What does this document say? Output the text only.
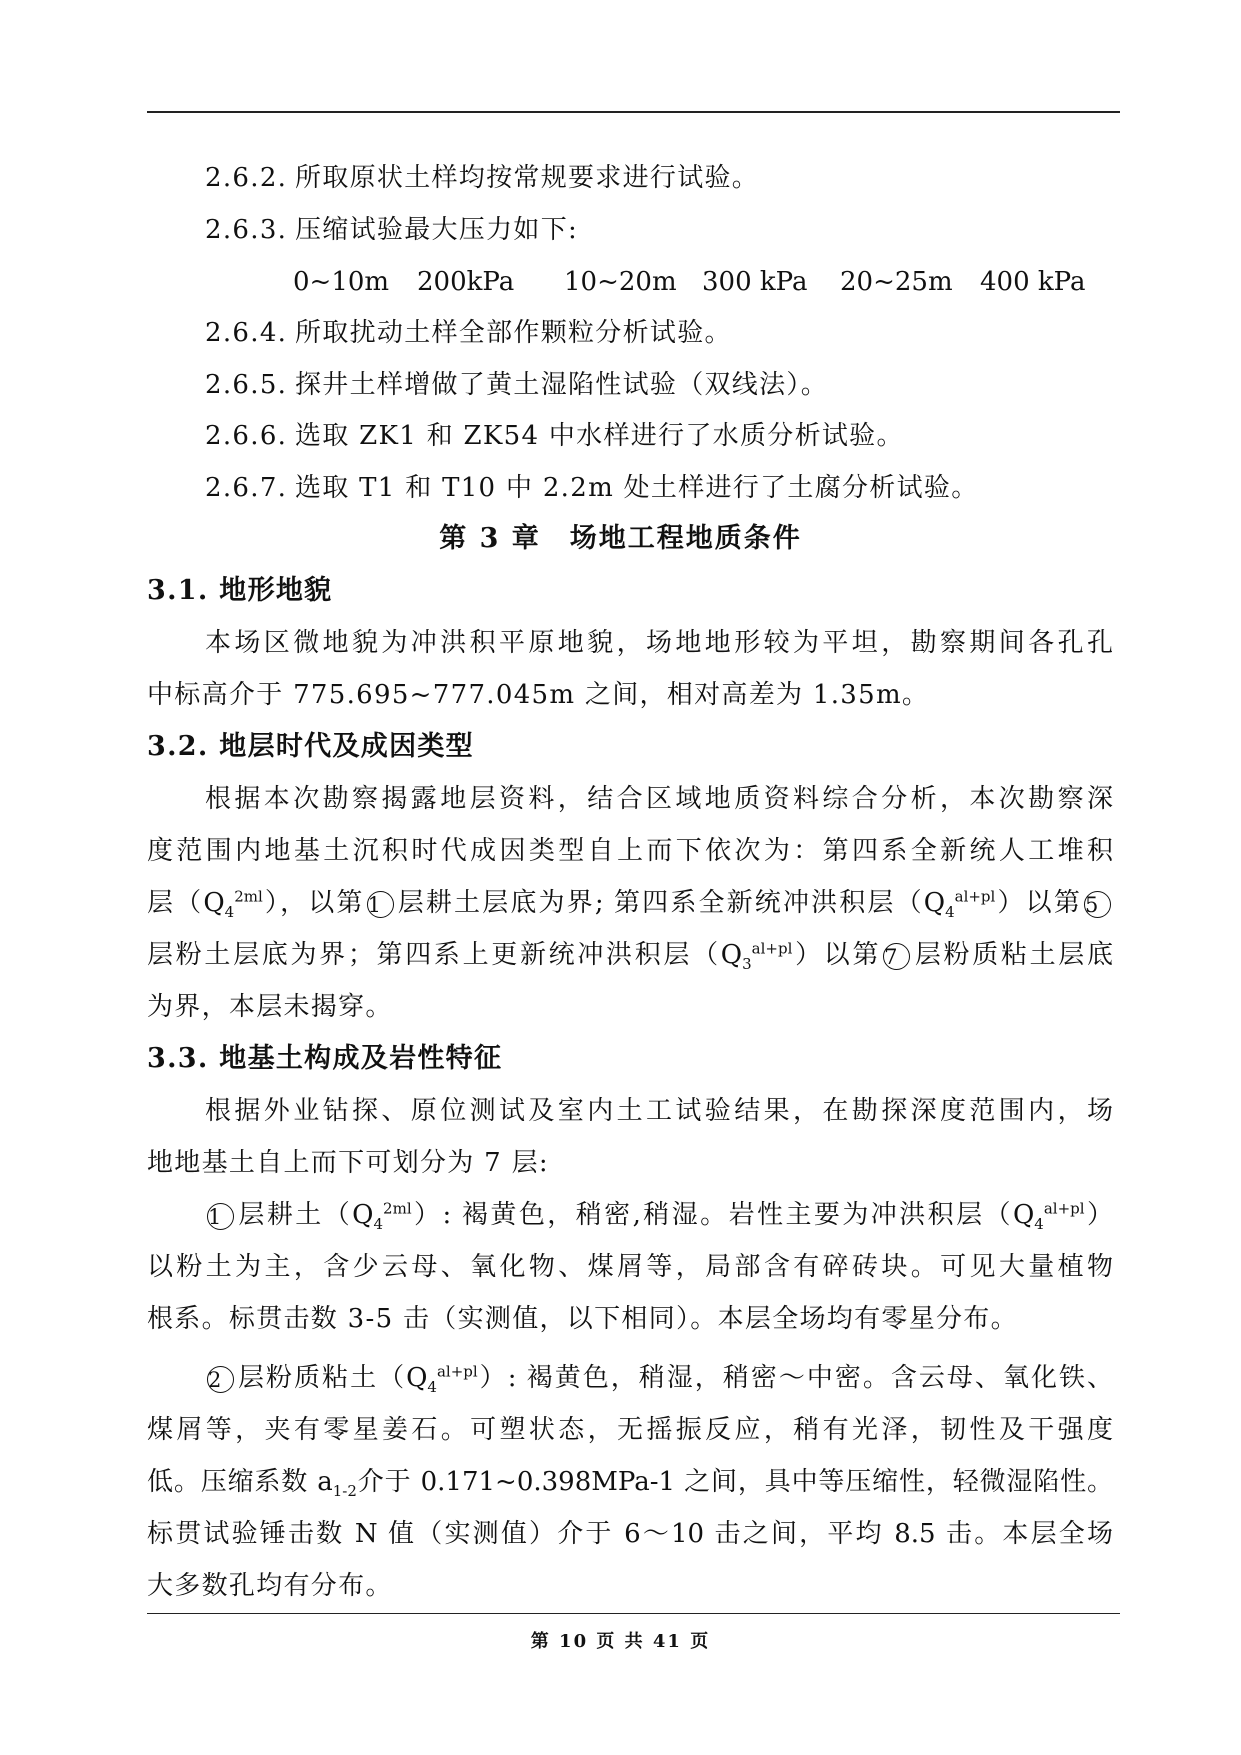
2.6.2. 所取原状土样均按常规要求进行试验。
2.6.3. 压缩试验最大压力如下:
0~10m 200kPa 10~20m 300 kPa 20~25m 400 kPa
2.6.4. 所取扰动土样全部作颗粒分析试验。
2.6.5. 探井土样增做了黄土湿陷性试验（双线法）。
2.6.6. 选取 ZK1 和 ZK54 中水样进行了水质分析试验。
2.6.7. 选取 T1 和 T10 中 2.2m 处土样进行了土腐分析试验。
第 3 章　场地工程地质条件
3.1. 地形地貌
本场区微地貌为冲洪积平原地貌，场地地形较为平坦，勘察期间各孔孔
中标高介于 775.695~777.045m 之间，相对高差为 1.35m。
3.2. 地层时代及成因类型
根据本次勘察揭露地层资料，结合区域地质资料综合分析，本次勘察深
度范围内地基土沉积时代成因类型自上而下依次为：第四系全新统人工堆积
层$(Q_4^{2ml})$，以第 1 层耕土层底为界; 第四系全新统冲洪积层$(Q_4^{al+pl})$以第 5
层粉土层底为界；第四系上更新统冲洪积层$(Q_3^{al+pl})$以第 7 层粉质粘土层底
为界，本层未揭穿。
3.3. 地基土构成及岩性特征
根据外业钻探、原位测试及室内土工试验结果，在勘探深度范围内，场
地地基土自上而下可划分为 7 层:
1 层耕土$(Q_4^{2ml})$: 褐黄色，稍密,稍湿。岩性主要为冲洪积层$(Q_4^{al+pl})$
以粉土为主，含少云母、氧化物、煤屑等，局部含有碎砖块。可见大量植物
根系。标贯击数 3-5 击（实测值，以下相同）。本层全场均有零星分布。
2 层粉质粘土$(Q_4^{al+pl})$: 褐黄色，稍湿，稍密～中密。含云母、氧化铁、
煤屑等，夹有零星姜石。可塑状态，无摇振反应，稍有光泽，韧性及干强度
低。压缩系数 $a_{1-2}$介于 0.171~0.398MPa-1 之间，具中等压缩性，轻微湿陷性。
标贯试验锤击数 N 值（实测值）介于 6～10 击之间，平均 8.5 击。本层全场
大多数孔均有分布。
第 10 页 共 41 页
